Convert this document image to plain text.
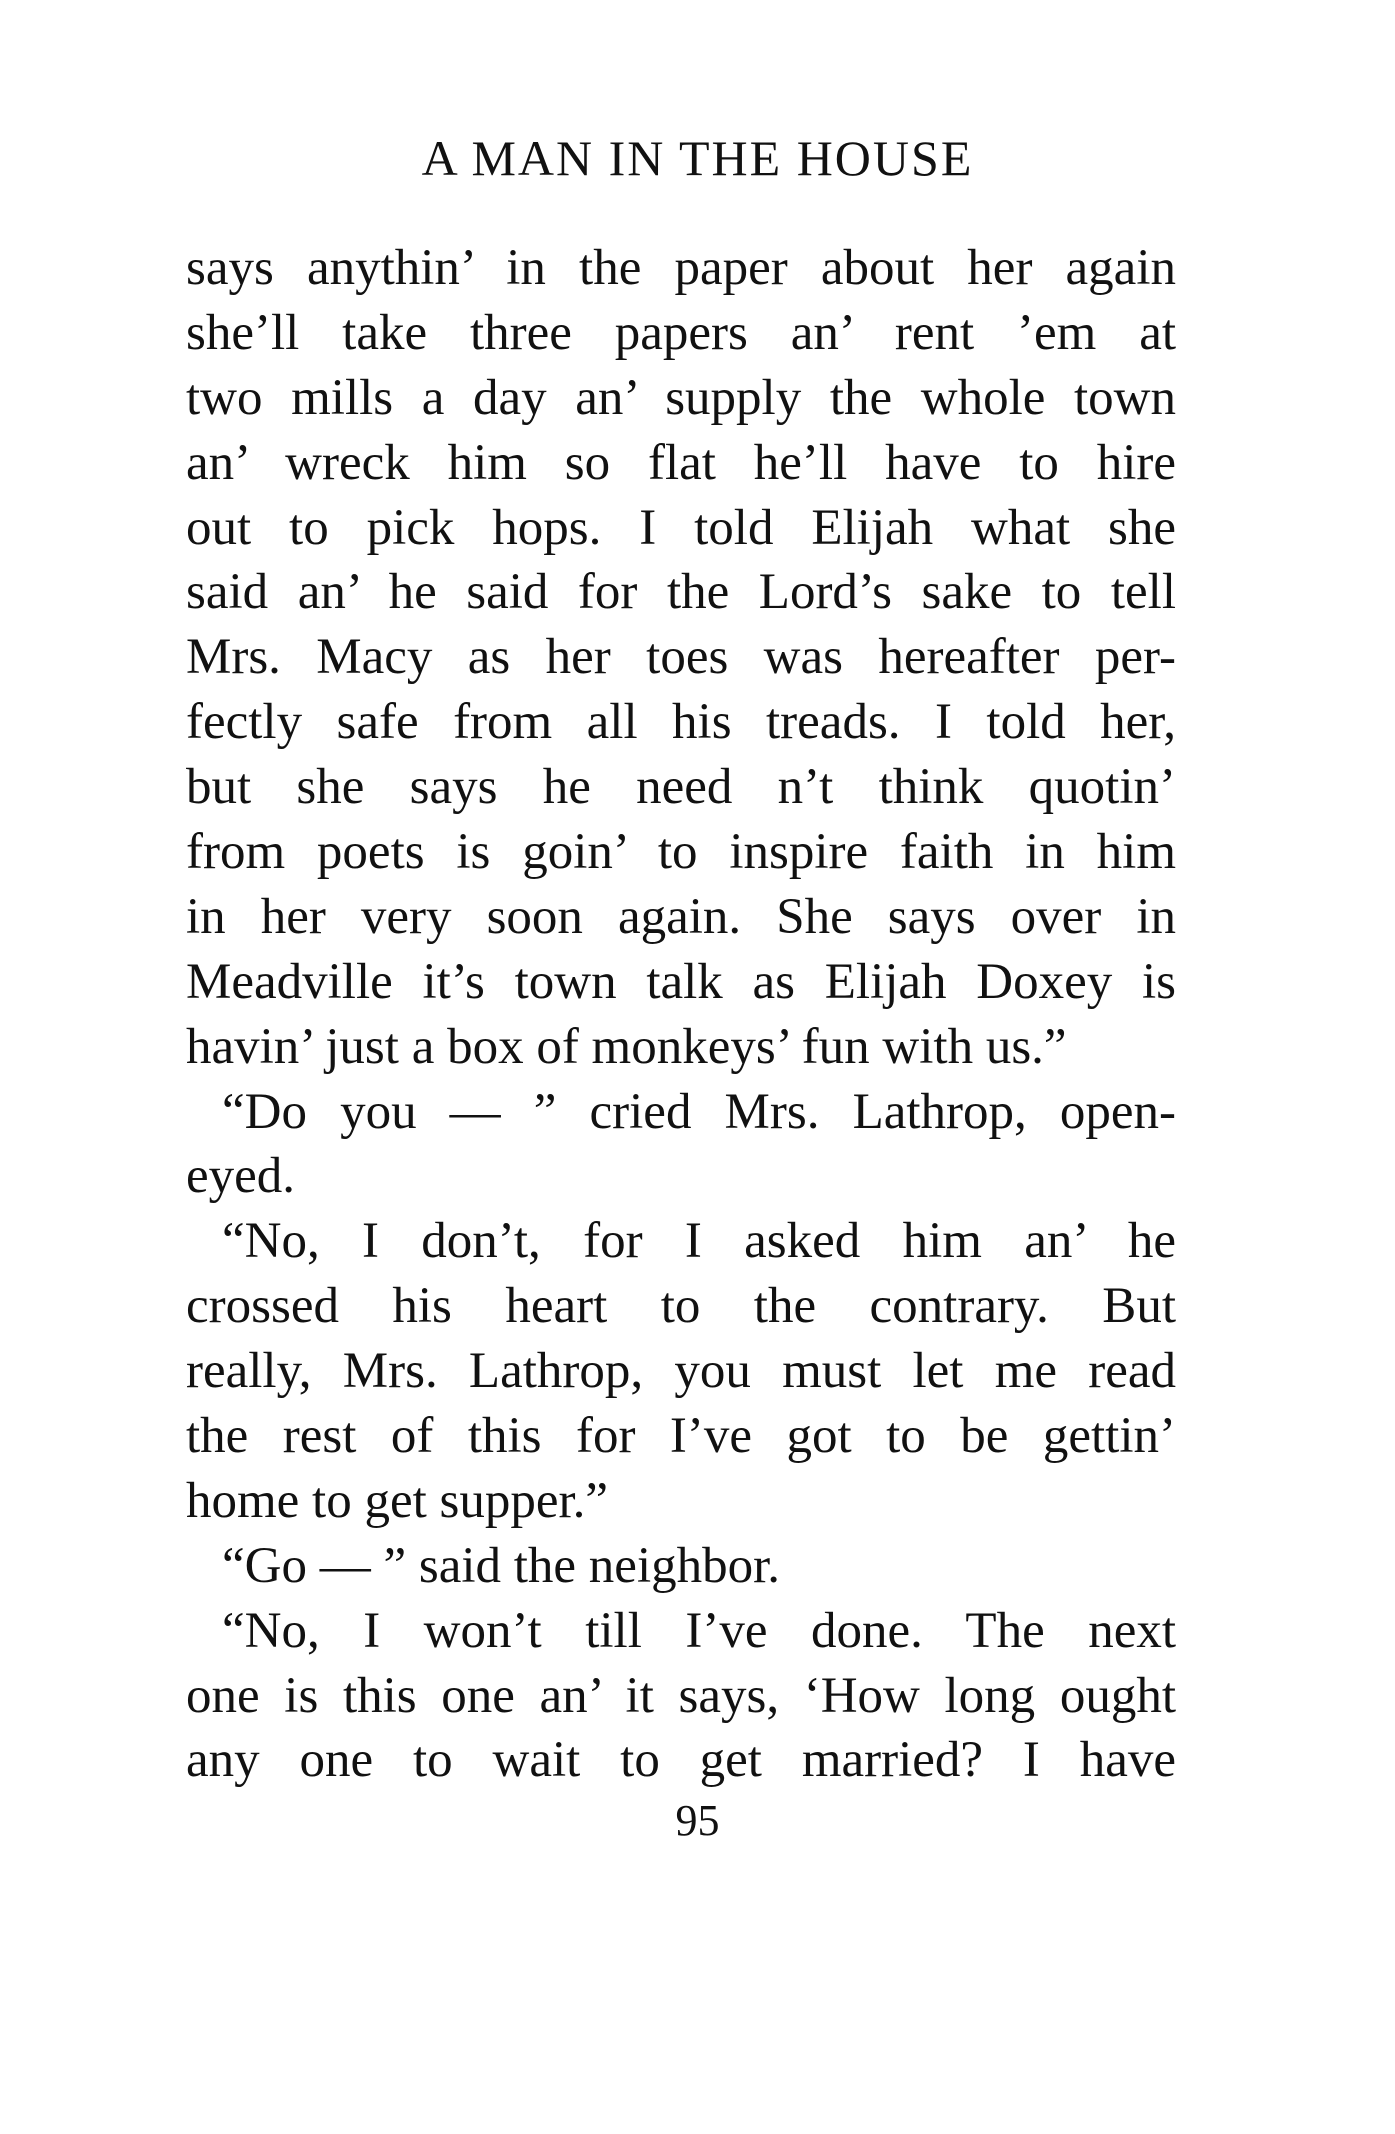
A MAN IN THE HOUSE
says anythin’ in the paper about her again
she’ll take three papers an’ rent ’em at
two mills a day an’ supply the whole town
an’ wreck him so flat he’ll have to hire
out to pick hops. I told Elijah what she
said an’ he said for the Lord’s sake to tell
Mrs. Macy as her toes was hereafter per-
fectly safe from all his treads. I told her,
but she says he need n’t think quotin’
from poets is goin’ to inspire faith in him
in her very soon again. She says over in
Meadville it’s town talk as Elijah Doxey is
havin’ just a box of monkeys’ fun with us.”
“Do you — ” cried Mrs. Lathrop, open-
eyed.
“No, I don’t, for I asked him an’ he
crossed his heart to the contrary. But
really, Mrs. Lathrop, you must let me read
the rest of this for I’ve got to be gettin’
home to get supper.”
“Go — ” said the neighbor.
“No, I won’t till I’ve done. The next
one is this one an’ it says, ‘How long ought
any one to wait to get married? I have
95
